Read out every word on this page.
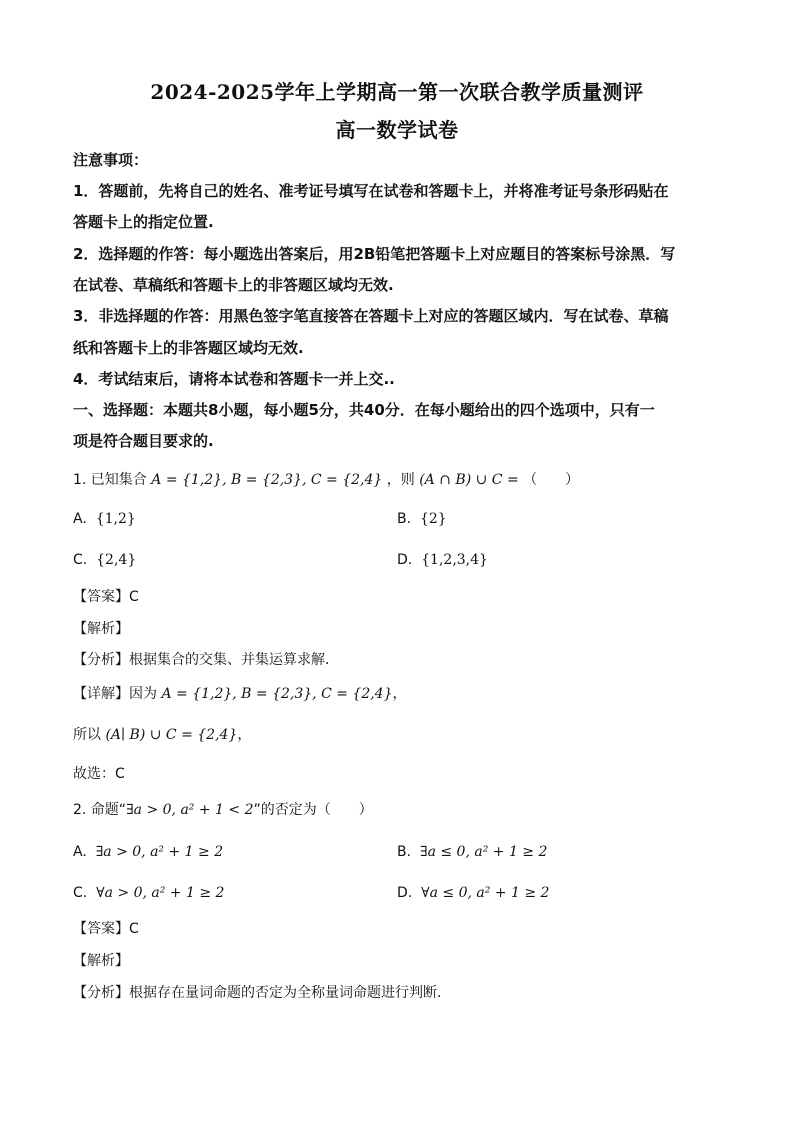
2024-2025学年上学期高一第一次联合教学质量测评
高一数学试卷
注意事项：
1．答题前，先将自己的姓名、准考证号填写在试卷和答题卡上，并将准考证号条形码贴在
答题卡上的指定位置.
2．选择题的作答：每小题选出答案后，用2B铅笔把答题卡上对应题目的答案标号涂黑．写
在试卷、草稿纸和答题卡上的非答题区域均无效.
3．非选择题的作答：用黑色签字笔直接答在答题卡上对应的答题区域内．写在试卷、草稿
纸和答题卡上的非答题区域均无效.
4．考试结束后，请将本试卷和答题卡一并上交..
一、选择题：本题共8小题，每小题5分，共40分．在每小题给出的四个选项中，只有一
项是符合题目要求的.
1. 已知集合 A = {1,2}, B = {2,3}, C = {2,4} ，则 (A ∩ B) ∪ C = （　　）
A. {1,2}	B. {2}
C. {2,4}	D. {1,2,3,4}
【答案】C
【解析】
【分析】根据集合的交集、并集运算求解.
【详解】因为 A = {1,2}, B = {2,3}, C = {2,4}，
所以 (A∣ B) ∪ C = {2,4}，
故选：C
2. 命题“∃a > 0, a² + 1 < 2”的否定为（　　）
A. ∃a > 0, a² + 1 ≥ 2	B. ∃a ≤ 0, a² + 1 ≥ 2
C. ∀a > 0, a² + 1 ≥ 2	D. ∀a ≤ 0, a² + 1 ≥ 2
【答案】C
【解析】
【分析】根据存在量词命题的否定为全称量词命题进行判断.
